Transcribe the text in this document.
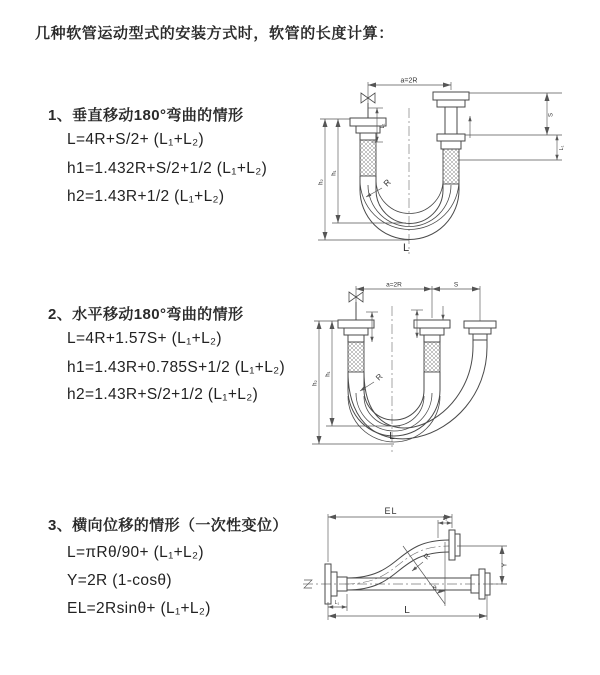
几种软管运动型式的安装方式时，软管的长度计算：
1、垂直移动180°弯曲的情形
L=4R+S/2+ (L₁+L₂)
h1=1.432R+S/2+1/2 (L₁+L₂)
h2=1.43R+1/2 (L₁+L₂)
2、水平移动180°弯曲的情形
L=4R+1.57S+ (L₁+L₂)
h1=1.43R+0.785S+1/2 (L₁+L₂)
h2=1.43R+S/2+1/2 (L₁+L₂)
3、横向位移的情形（一次性变位）
L=πRθ/90+ (L₁+L₂)
Y=2R (1-cosθ)
EL=2Rsinθ+ (L₁+L₂)
a=2R
h₁
h₂
L₁
S
L₁
R
L
a=2R	S
h₁
h₂
R
L
EL
L₂
Y
θ
R
L
L₁
